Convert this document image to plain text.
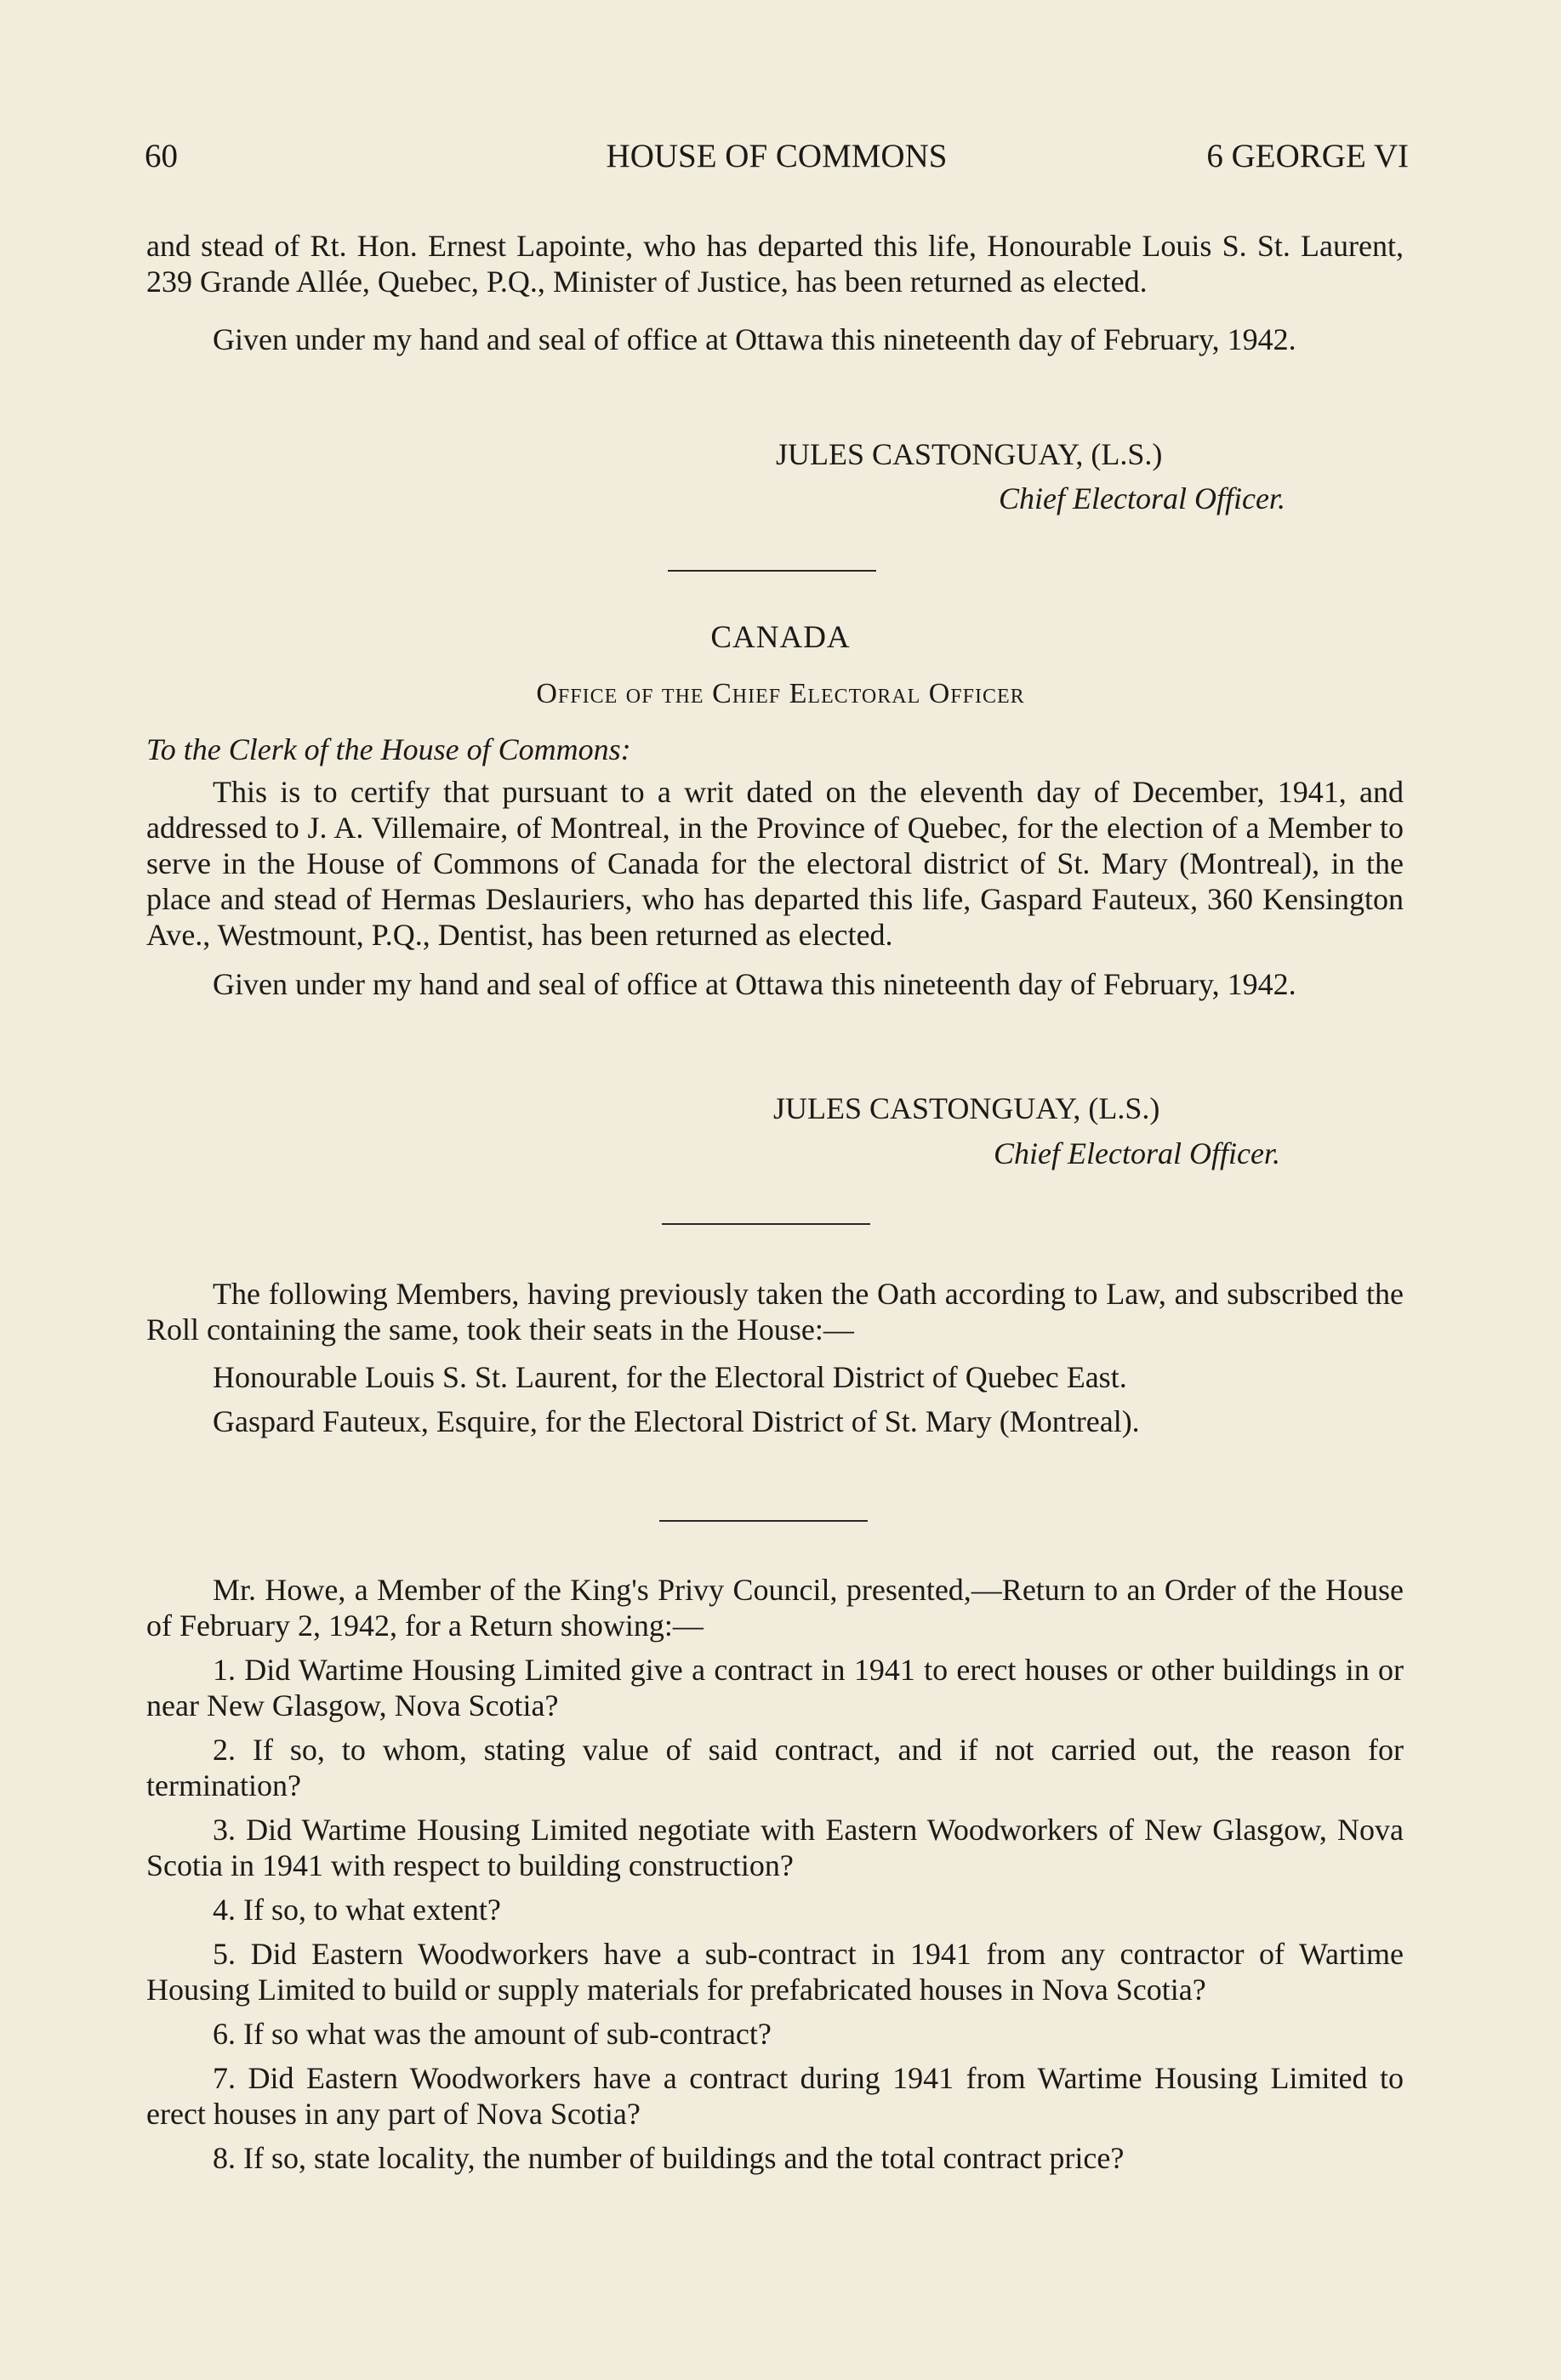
60	HOUSE OF COMMONS	6 GEORGE VI

and stead of Rt. Hon. Ernest Lapointe, who has departed this life, Honourable Louis S. St. Laurent, 239 Grande Allée, Quebec, P.Q., Minister of Justice, has been returned as elected.

Given under my hand and seal of office at Ottawa this nineteenth day of February, 1942.

JULES CASTONGUAY, (L.S.)
Chief Electoral Officer.
CANADA
Office of the Chief Electoral Officer

To the Clerk of the House of Commons:

This is to certify that pursuant to a writ dated on the eleventh day of December, 1941, and addressed to J. A. Villemaire, of Montreal, in the Province of Quebec, for the election of a Member to serve in the House of Commons of Canada for the electoral district of St. Mary (Montreal), in the place and stead of Hermas Deslauriers, who has departed this life, Gaspard Fauteux, 360 Kensington Ave., Westmount, P.Q., Dentist, has been returned as elected.

Given under my hand and seal of office at Ottawa this nineteenth day of February, 1942.

JULES CASTONGUAY, (L.S.)
Chief Electoral Officer.

The following Members, having previously taken the Oath according to Law, and subscribed the Roll containing the same, took their seats in the House:—

Honourable Louis S. St. Laurent, for the Electoral District of Quebec East.

Gaspard Fauteux, Esquire, for the Electoral District of St. Mary (Montreal).

Mr. Howe, a Member of the King's Privy Council, presented,—Return to an Order of the House of February 2, 1942, for a Return showing:—

1. Did Wartime Housing Limited give a contract in 1941 to erect houses or other buildings in or near New Glasgow, Nova Scotia?

2. If so, to whom, stating value of said contract, and if not carried out, the reason for termination?

3. Did Wartime Housing Limited negotiate with Eastern Woodworkers of New Glasgow, Nova Scotia in 1941 with respect to building construction?

4. If so, to what extent?

5. Did Eastern Woodworkers have a sub-contract in 1941 from any contractor of Wartime Housing Limited to build or supply materials for prefabricated houses in Nova Scotia?

6. If so what was the amount of sub-contract?

7. Did Eastern Woodworkers have a contract during 1941 from Wartime Housing Limited to erect houses in any part of Nova Scotia?

8. If so, state locality, the number of buildings and the total contract price?
